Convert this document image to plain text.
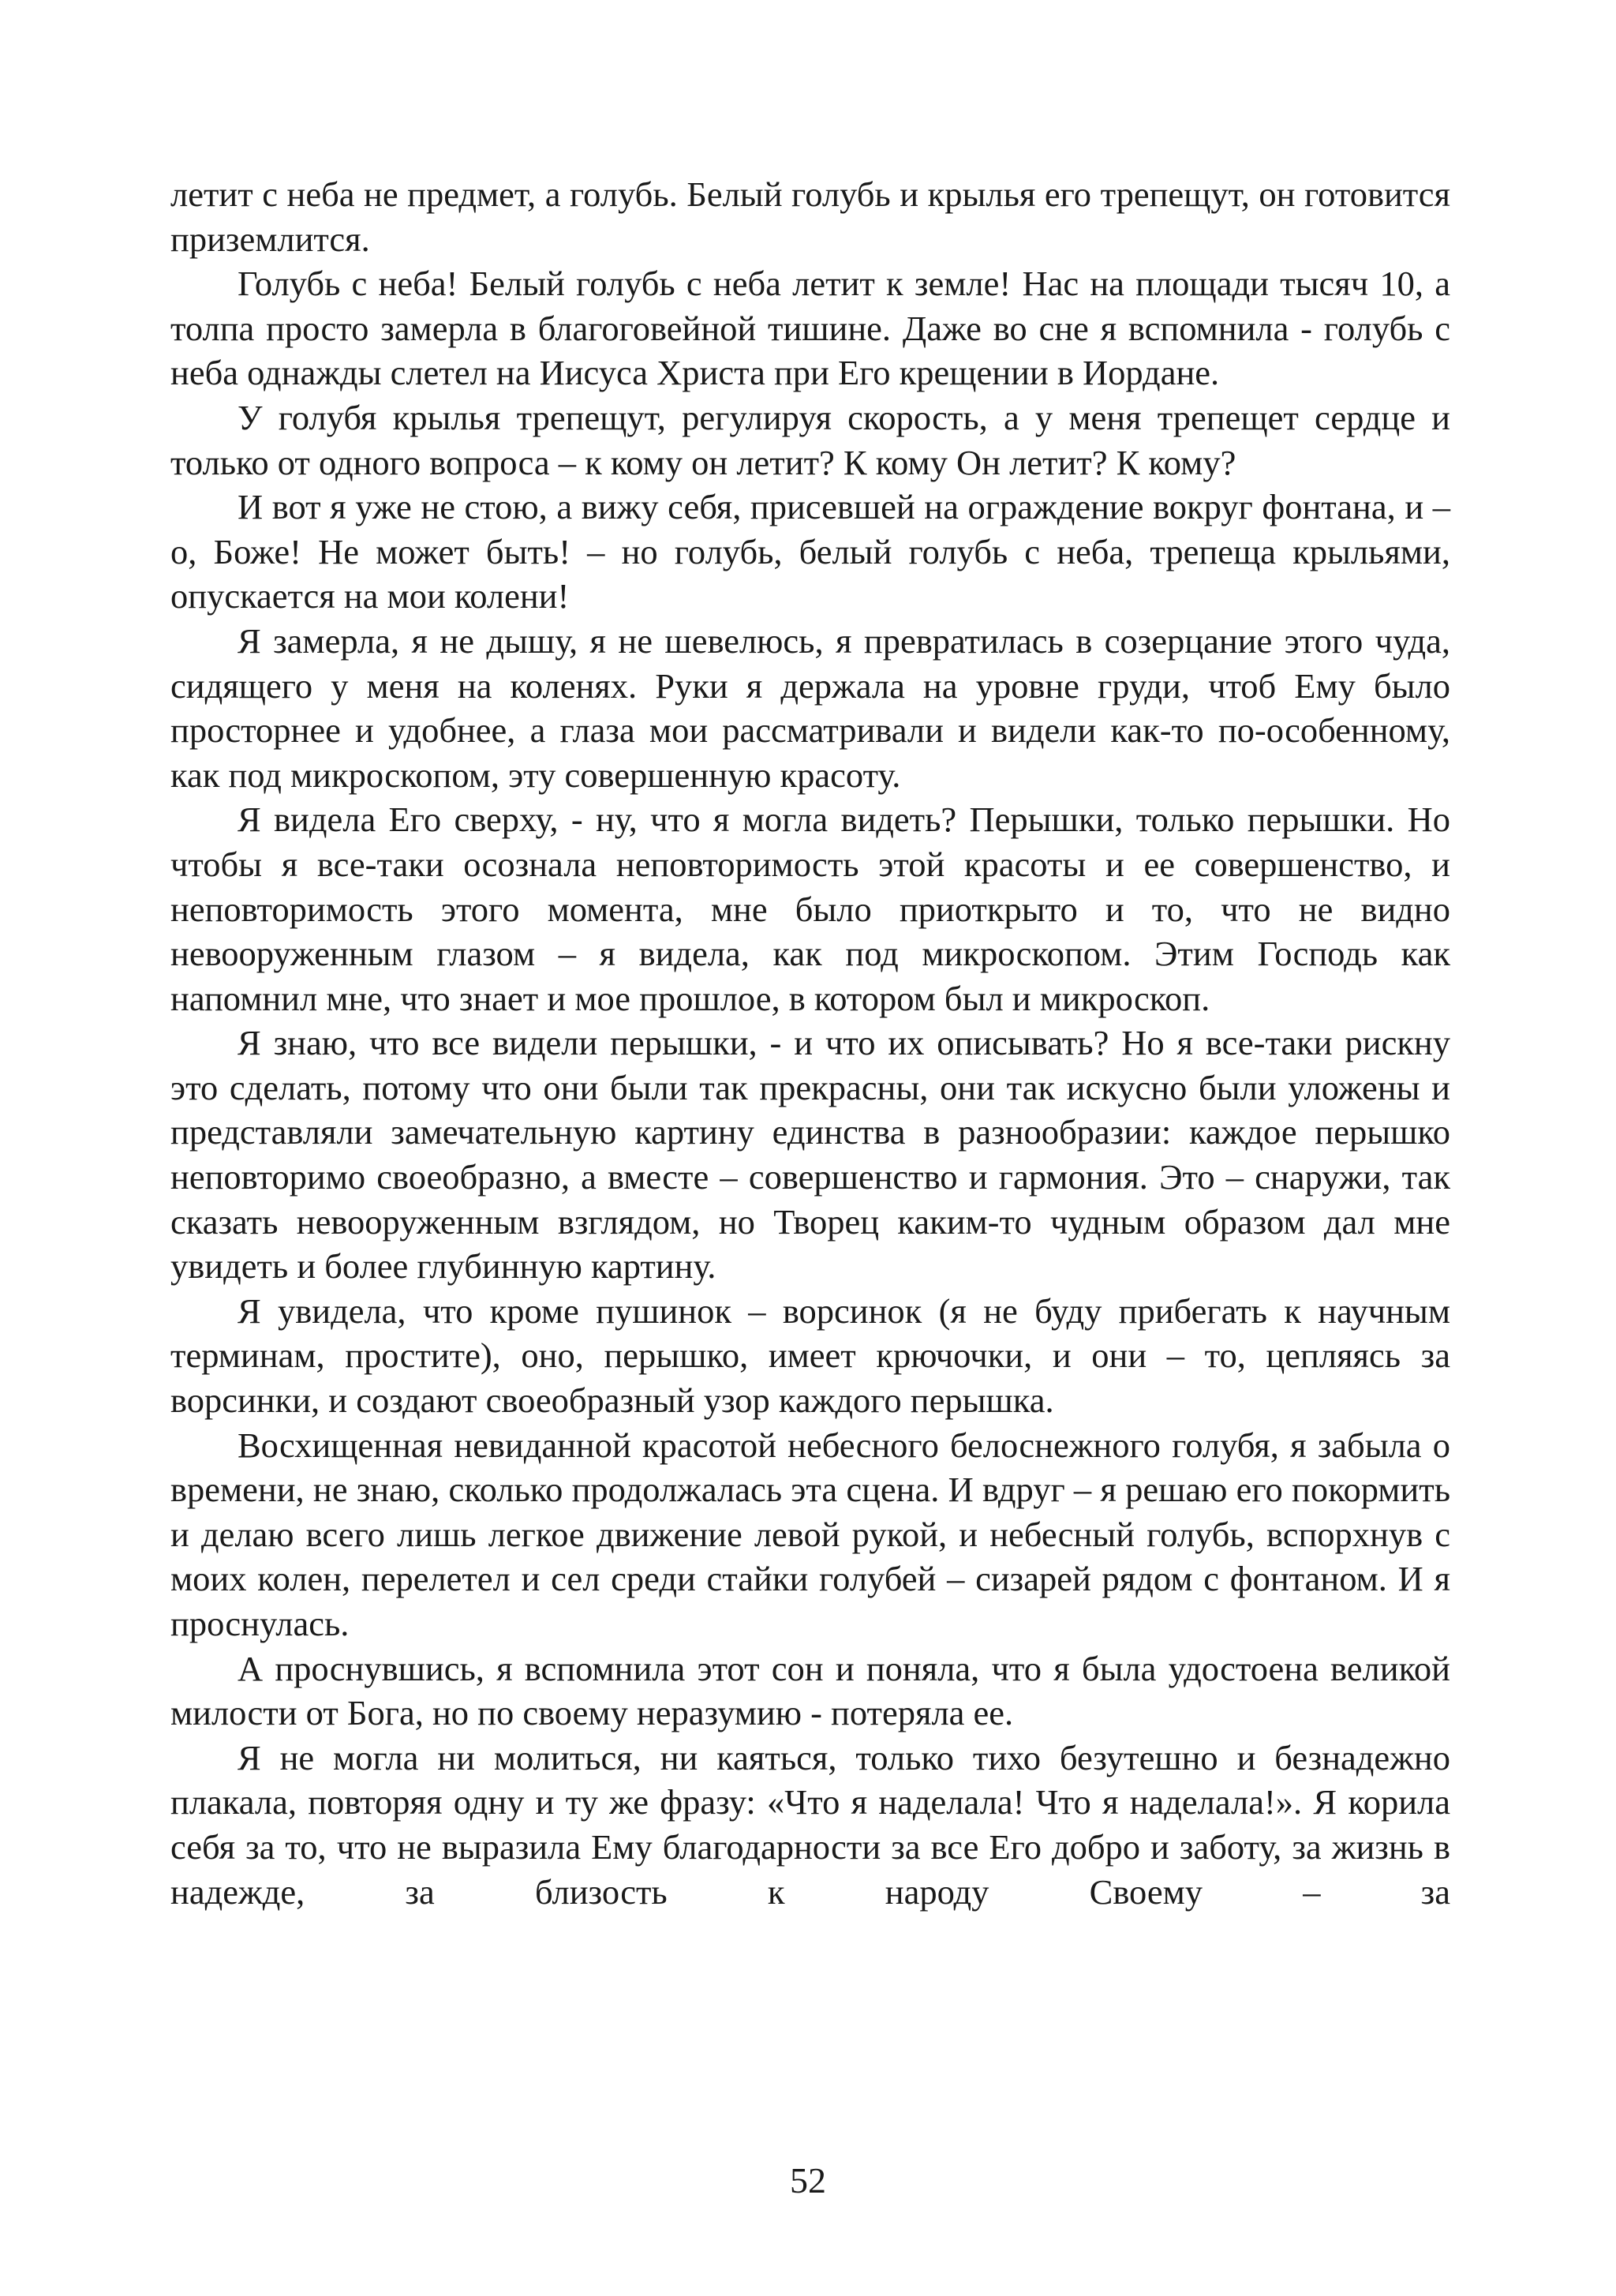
летит с неба не предмет, а голубь. Белый голубь и крылья его трепещут, он готовится приземлится.

Голубь с неба! Белый голубь с неба летит к земле! Нас на площади тысяч 10, а толпа просто замерла в благоговейной тишине. Даже во сне я вспомнила - голубь с неба однажды слетел на Иисуса Христа при Его крещении в Иордане.

У голубя крылья трепещут, регулируя скорость, а у меня трепещет сердце и только от одного вопроса – к кому он летит? К кому Он летит? К кому?

И вот я уже не стою, а вижу себя, присевшей на ограждение вокруг фонтана, и – о, Боже! Не может быть! – но голубь, белый голубь с неба, трепеща крыльями, опускается на мои колени!

Я замерла, я не дышу, я не шевелюсь, я превратилась в созерцание этого чуда, сидящего у меня на коленях. Руки я держала на уровне груди, чтоб Ему было просторнее и удобнее, а глаза мои рассматривали и видели как-то по-особенному, как под микроскопом, эту совершенную красоту.

Я видела Его сверху, - ну, что я могла видеть? Перышки, только перышки. Но чтобы я все-таки осознала неповторимость этой красоты и ее совершенство, и неповторимость этого момента, мне было приоткрыто и то, что не видно невооруженным глазом – я видела, как под микроскопом. Этим Господь как напомнил мне, что знает и мое прошлое, в котором был и микроскоп.

Я знаю, что все видели перышки, - и что их описывать? Но я все-таки рискну это сделать, потому что они были так прекрасны, они так искусно были уложены и представляли замечательную картину единства в разнообразии: каждое перышко неповторимо своеобразно, а вместе – совершенство и гармония. Это – снаружи, так сказать невооруженным взглядом, но Творец каким-то чудным образом дал мне увидеть и более глубинную картину.

Я увидела, что кроме пушинок – ворсинок (я не буду прибегать к научным терминам, простите), оно, перышко, имеет крючочки, и они – то, цепляясь за ворсинки, и создают своеобразный узор каждого перышка.

Восхищенная невиданной красотой небесного белоснежного голубя, я забыла о времени, не знаю, сколько продолжалась эта сцена. И вдруг – я решаю его покормить и делаю всего лишь легкое движение левой рукой, и небесный голубь, вспорхнув с моих колен, перелетел и сел среди стайки голубей – сизарей рядом с фонтаном. И я проснулась.

А проснувшись, я вспомнила этот сон и поняла, что я была удостоена великой милости от Бога, но по своему неразумию - потеряла ее.

Я не могла ни молиться, ни каяться, только тихо безутешно и безнадежно плакала, повторяя одну и ту же фразу: «Что я наделала! Что я наделала!». Я корила себя за то, что не выразила Ему благодарности за все Его добро и заботу, за жизнь в надежде, за близость к народу Своему – за

52
